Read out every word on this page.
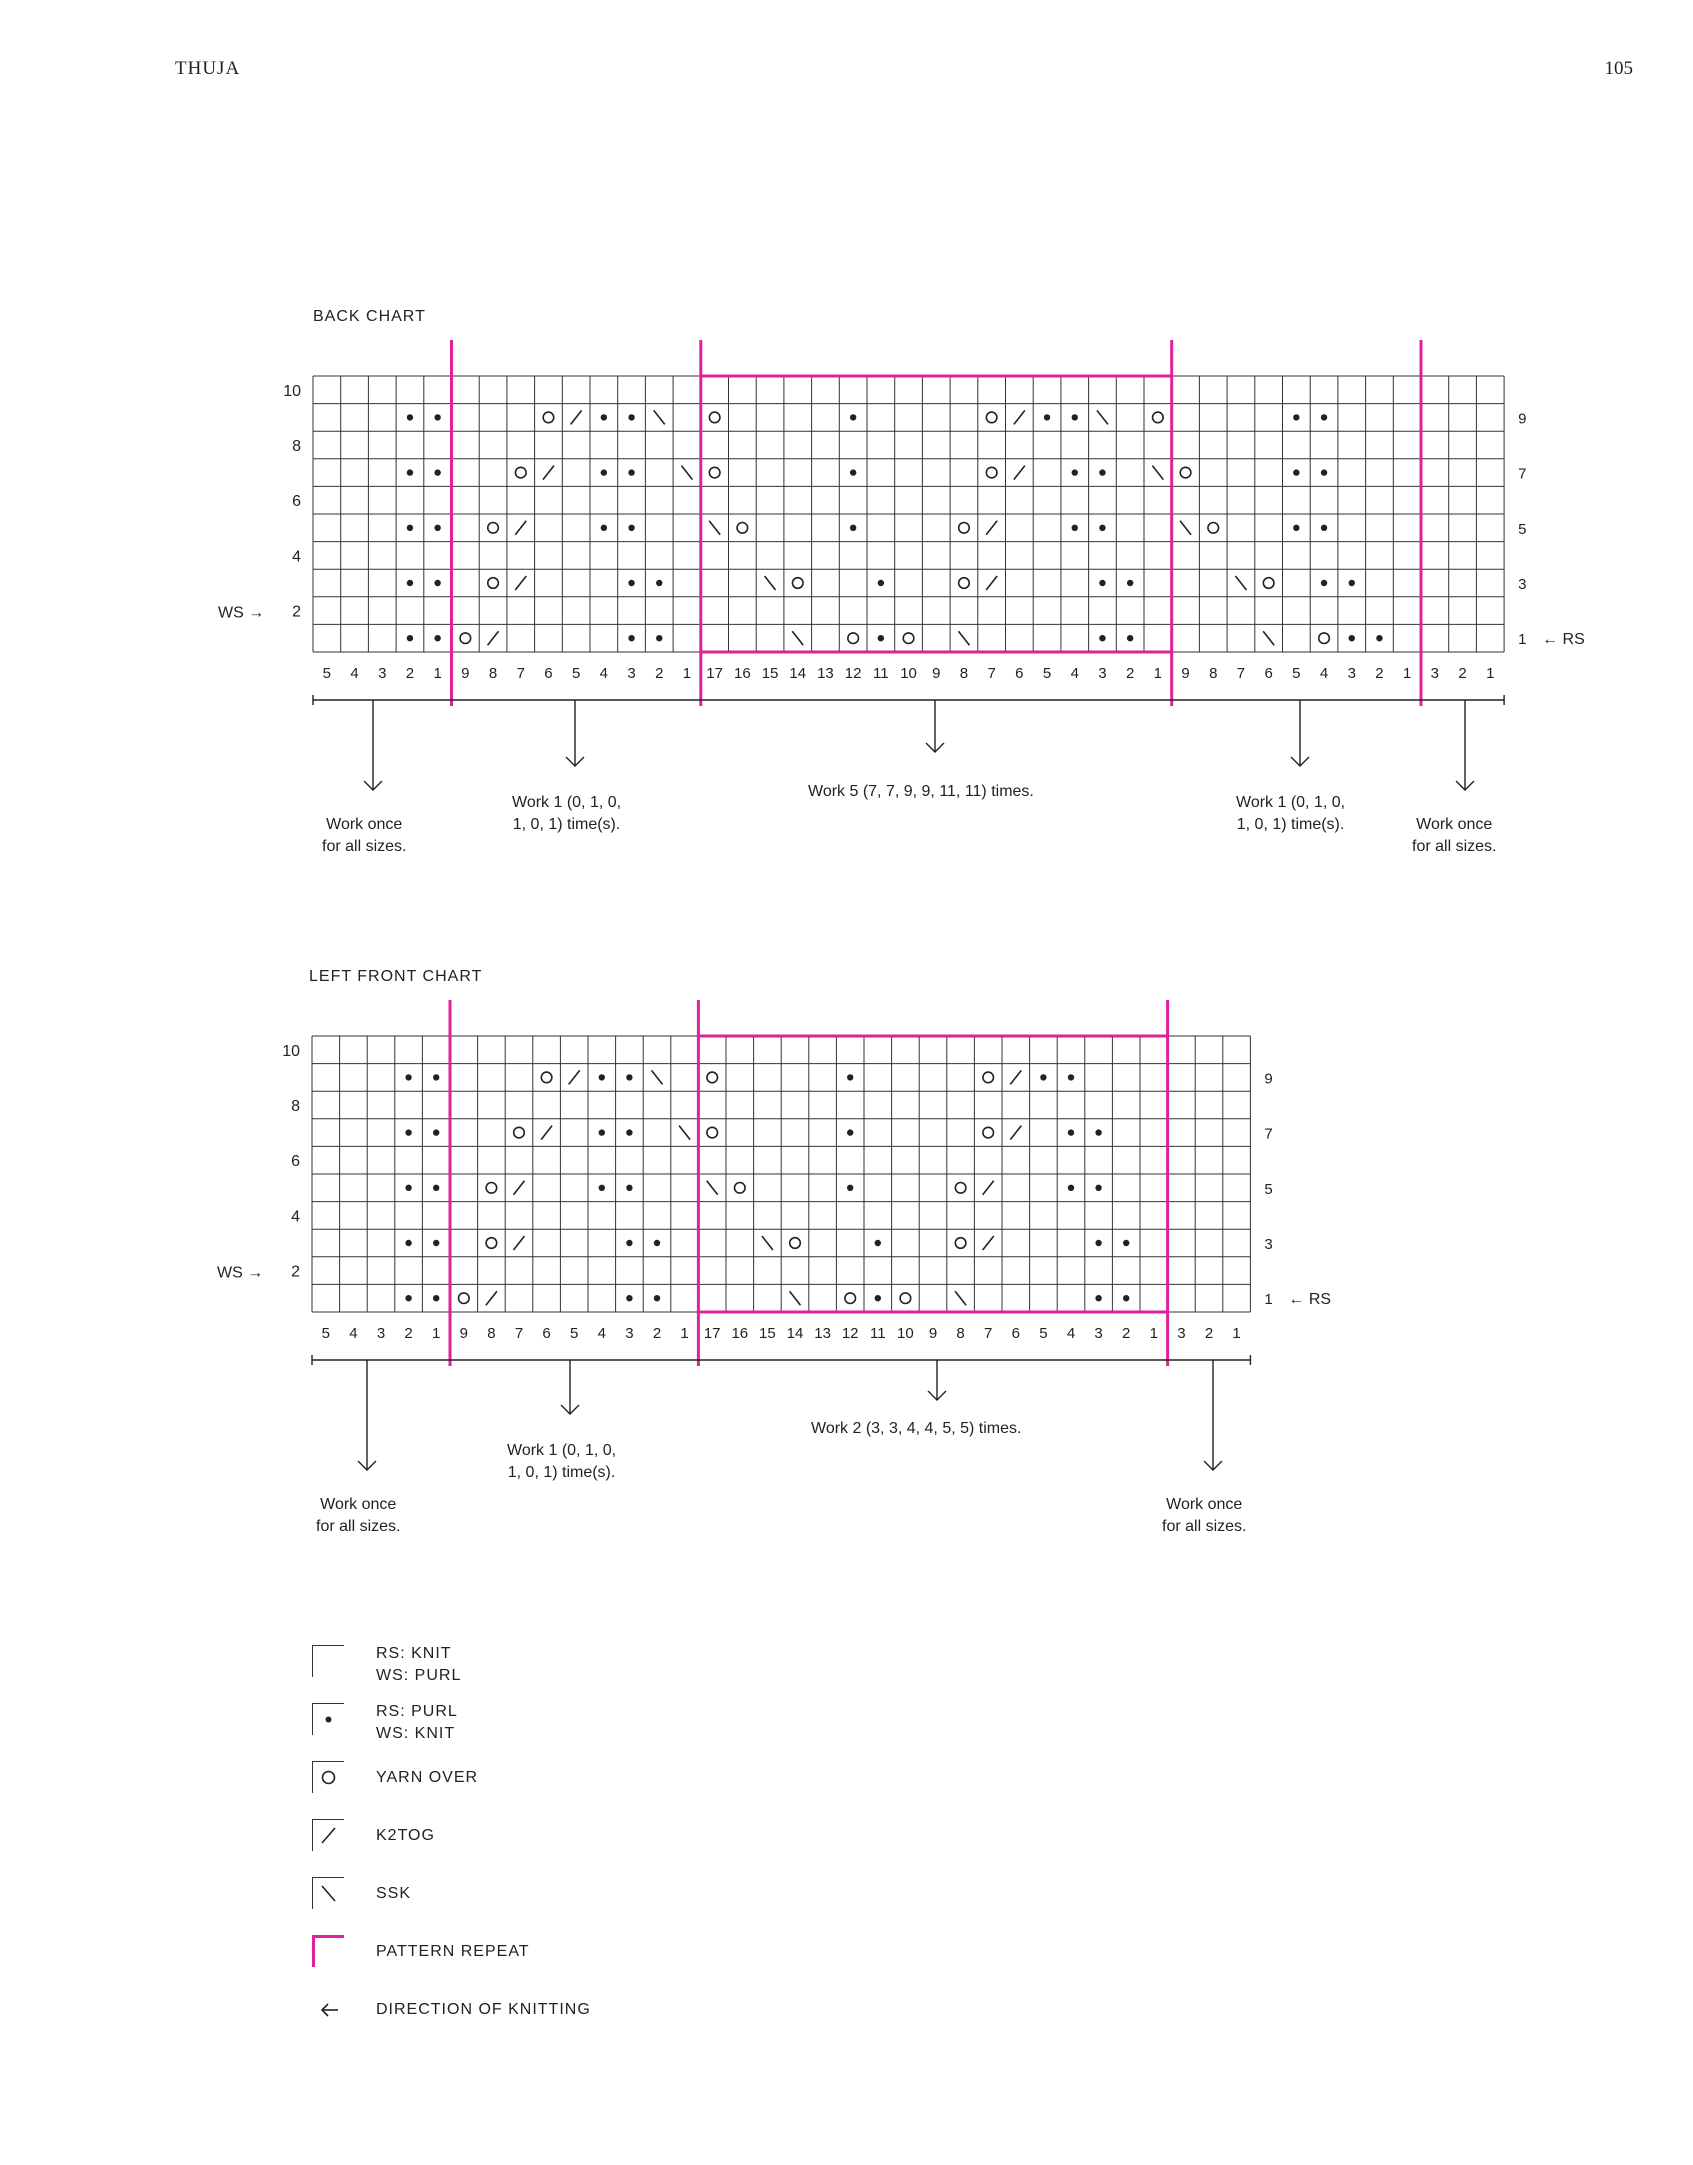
THUJA	105
BACK CHART
10
8
6
4
2
9
7
5
3
1
WS →
← RS
5 4 3 2 1 9 8 7 6 5 4 3 2 1 17 16 15 14 13 12 11 10 9 8 7 6 5 4 3 2 1 9 8 7 6 5 4 3 2 1 3 2 1
Work once
for all sizes.
Work 1 (0, 1, 0,
1, 0, 1) time(s).
Work 5 (7, 7, 9, 9, 11, 11) times.
Work 1 (0, 1, 0,
1, 0, 1) time(s).	Work once
for all sizes.
LEFT FRONT CHART
10
8
6
4
2
9
7
5
3
1
WS →
← RS
5 4 3 2 1 9 8 7 6 5 4 3 2 1 17 16 15 14 13 12 11 10 9 8 7 6 5 4 3 2 1 3 2 1
Work once
for all sizes.
Work 1 (0, 1, 0,
1, 0, 1) time(s).
Work 2 (3, 3, 4, 4, 5, 5) times.
Work once
for all sizes.
RS: KNIT
WS: PURL
RS: PURL
WS: KNIT
YARN OVER
K2TOG
SSK
PATTERN REPEAT
DIRECTION OF KNITTING
